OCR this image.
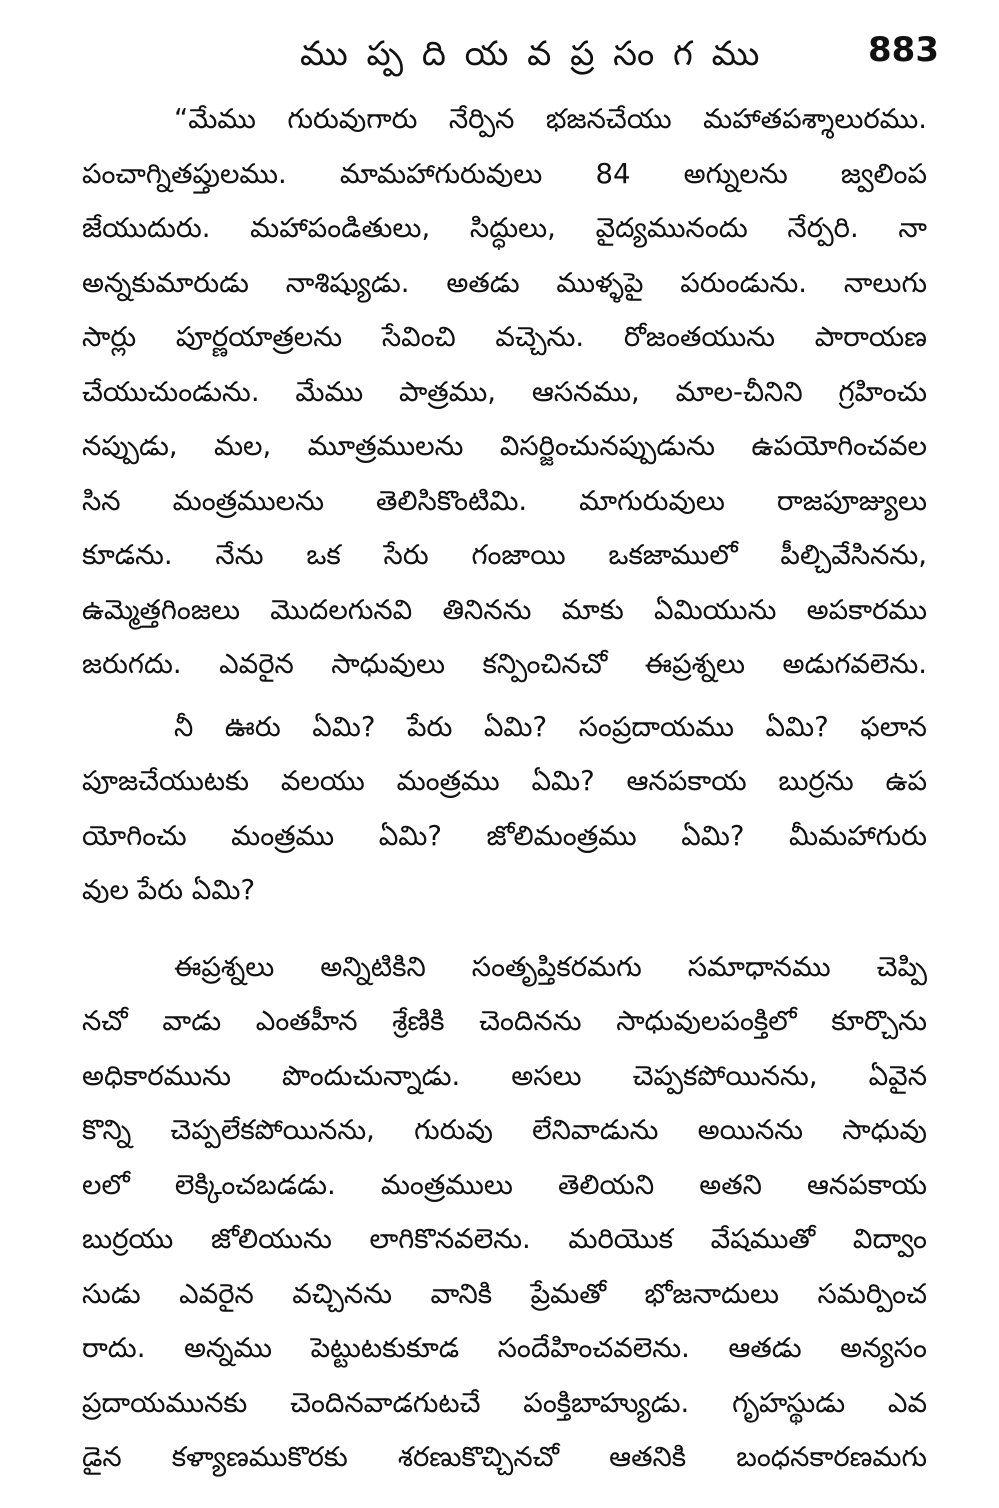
ము ప్ప ది య వ ప్ర సం గ ము	883
“మేము గురువుగారు నేర్పిన భజనచేయు మహాతపశ్శాలురము.
పంచాగ్నితప్తులము. మామహాగురువులు 84 అగ్నులను జ్వలింప
జేయుదురు. మహాపండితులు, సిద్ధులు, వైద్యమునందు నేర్పరి. నా
అన్నకుమారుడు నాశిష్యుడు. అతడు ముళ్ళపై పరుండును. నాలుగు
సార్లు పూర్ణయాత్రలను సేవించి వచ్చెను. రోజంతయును పారాయణ
చేయుచుండును. మేము పాత్రము, ఆసనము, మాల-చీనిని గ్రహించు
నప్పుడు, మల, మూత్రములను విసర్జించునప్పుడును ఉపయోగించవల
సిన మంత్రములను తెలిసికొంటిమి. మాగురువులు రాజపూజ్యులు
కూడను. నేను ఒక సేరు గంజాయి ఒకజాములో పీల్చివేసినను,
ఉమ్మెత్తగింజలు మొదలగునవి తినినను మాకు ఏమియును అపకారము
జరుగదు. ఎవరైన సాధువులు కన్పించినచో ఈప్రశ్నలు అడుగవలెను.
నీ ఊరు ఏమి? పేరు ఏమి? సంప్రదాయము ఏమి? ఫలాన
పూజచేయుటకు వలయు మంత్రము ఏమి? ఆనపకాయ బుర్రను ఉప
యోగించు మంత్రము ఏమి? జోలిమంత్రము ఏమి? మీమహాగురు
వుల పేరు ఏమి?
ఈప్రశ్నలు అన్నిటికిని సంతృప్తికరమగు సమాధానము చెప్పి
నచో వాడు ఎంతహీన శ్రేణికి చెందినను సాధువులపంక్తిలో కూర్చొను
అధికారమును పొందుచున్నాడు. అసలు చెప్పకపోయినను, ఏవైన
కొన్ని చెప్పలేకపోయినను, గురువు లేనివాడును అయినను సాధువు
లలో లెక్కించబడడు. మంత్రములు తెలియని అతని ఆనపకాయ
బుర్రయు జోలియును లాగికొనవలెను. మరియొక వేషముతో విద్వాం
సుడు ఎవరైన వచ్చినను వానికి ప్రేమతో భోజనాదులు సమర్పించ
రాదు. అన్నము పెట్టుటకుకూడ సందేహించవలెను. ఆతడు అన్యసం
ప్రదాయమునకు చెందినవాడగుటచే పంక్తిబాహ్యుడు. గృహస్థుడు ఎవ
డైన కళ్యాణముకొరకు శరణుకొచ్చినచో ఆతనికి బంధనకారణమగు
